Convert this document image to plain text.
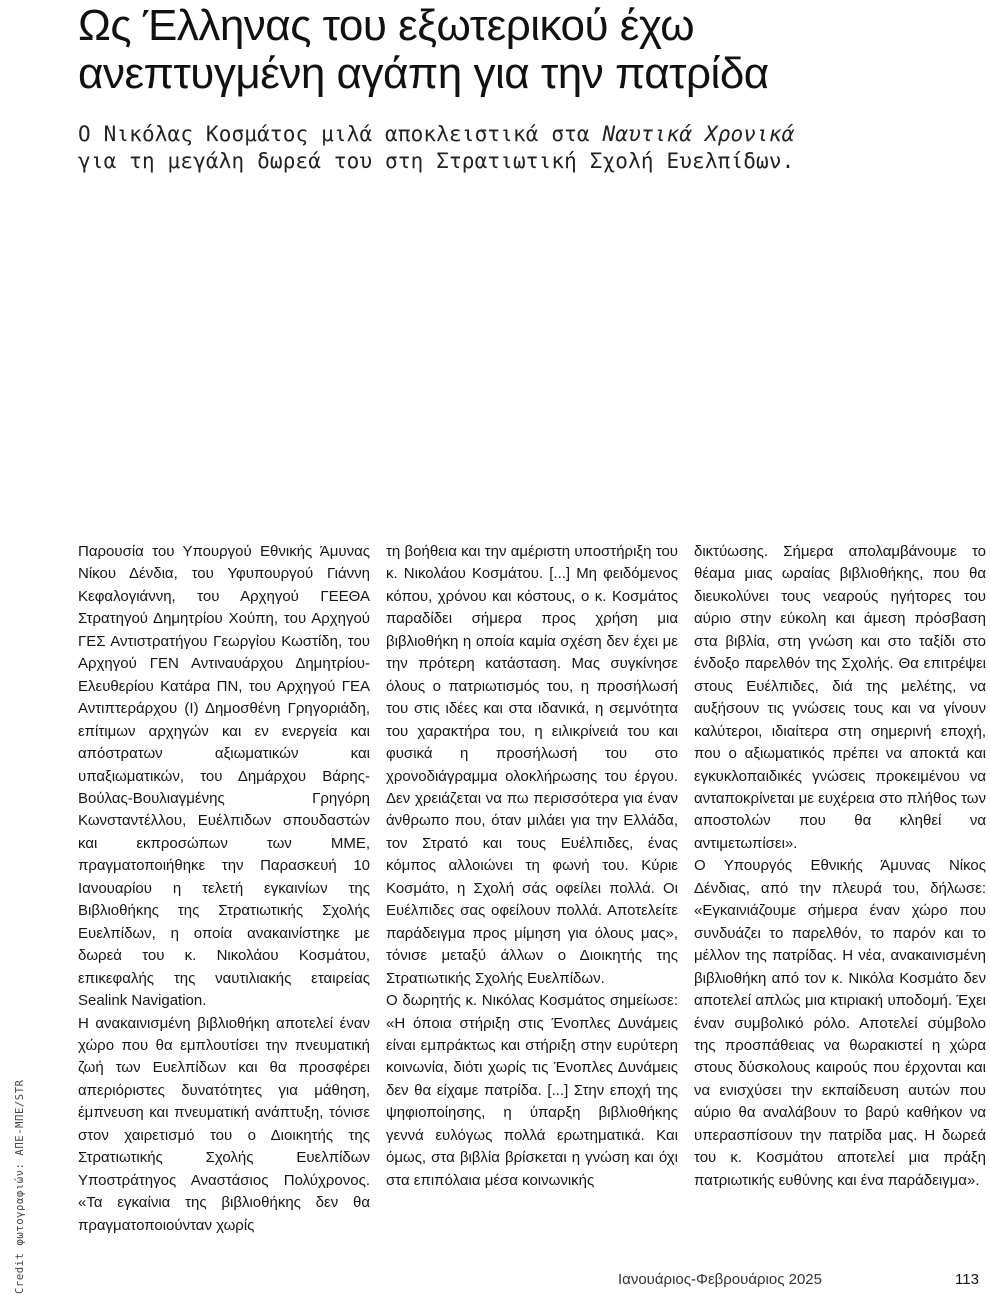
Ως Έλληνας του εξωτερικού έχω
ανεπτυγμένη αγάπη για την πατρίδα
Ο Νικόλας Κοσμάτος μιλά αποκλειστικά στα Ναυτικά Χρονικά
για τη μεγάλη δωρεά του στη Στρατιωτική Σχολή Ευελπίδων.

Παρουσία του Υπουργού Εθνικής Άμυνας Νίκου Δένδια, του Υφυπουργού Γιάννη Κεφαλογιάννη, του Αρχηγού ΓΕΕΘΑ Στρατηγού Δημητρίου Χούπη, του Αρχηγού ΓΕΣ Αντιστρατήγου Γεωργίου Κωστίδη, του Αρχηγού ΓΕΝ Αντιναυάρχου Δημητρίου-Ελευθερίου Κατάρα ΠΝ, του Αρχηγού ΓΕΑ Αντιπτεράρχου (Ι) Δημοσθένη Γρηγοριάδη, επίτιμων αρχηγών και εν ενεργεία και απόστρατων αξιωματικών και υπαξιωματικών, του Δημάρχου Βάρης-Βούλας-Βουλιαγμένης Γρηγόρη Κωνσταντέλλου, Ευέλπιδων σπουδαστών και εκπροσώπων των ΜΜΕ, πραγματοποιήθηκε την Παρασκευή 10 Ιανουαρίου η τελετή εγκαινίων της Βιβλιοθήκης της Στρατιωτικής Σχολής Ευελπίδων, η οποία ανακαινίστηκε με δωρεά του κ. Νικολάου Κοσμάτου, επικεφαλής της ναυτιλιακής εταιρείας Sealink Navigation.

Η ανακαινισμένη βιβλιοθήκη αποτελεί έναν χώρο που θα εμπλουτίσει την πνευματική ζωή των Ευελπίδων και θα προσφέρει απεριόριστες δυνατότητες για μάθηση, έμπνευση και πνευματική ανάπτυξη, τόνισε στον χαιρετισμό του ο Διοικητής της Στρατιωτικής Σχολής Ευελπίδων Υποστράτηγος Αναστάσιος Πολύχρονος. «Τα εγκαίνια της βιβλιοθήκης δεν θα πραγματοποιούνταν χωρίς

τη βοήθεια και την αμέριστη υποστήριξη του κ. Νικολάου Κοσμάτου. [...] Μη φειδόμενος κόπου, χρόνου και κόστους, ο κ. Κοσμάτος παραδίδει σήμερα προς χρήση μια βιβλιοθήκη η οποία καμία σχέση δεν έχει με την πρότερη κατάσταση. Μας συγκίνησε όλους ο πατριωτισμός του, η προσήλωσή του στις ιδέες και στα ιδανικά, η σεμνότητα του χαρακτήρα του, η ειλικρίνειά του και φυσικά η προσήλωσή του στο χρονοδιάγραμμα ολοκλήρωσης του έργου. Δεν χρειάζεται να πω περισσότερα για έναν άνθρωπο που, όταν μιλάει για την Ελλάδα, τον Στρατό και τους Ευέλπιδες, ένας κόμπος αλλοιώνει τη φωνή του. Κύριε Κοσμάτο, η Σχολή σάς οφείλει πολλά. Οι Ευέλπιδες σας οφείλουν πολλά. Αποτελείτε παράδειγμα προς μίμηση για όλους μας», τόνισε μεταξύ άλλων ο Διοικητής της Στρατιωτικής Σχολής Ευελπίδων.

Ο δωρητής κ. Νικόλας Κοσμάτος σημείωσε: «Η όποια στήριξη στις Ένοπλες Δυνάμεις είναι εμπράκτως και στήριξη στην ευρύτερη κοινωνία, διότι χωρίς τις Ένοπλες Δυνάμεις δεν θα είχαμε πατρίδα. [...] Στην εποχή της ψηφιοποίησης, η ύπαρξη βιβλιοθήκης γεννά ευλόγως πολλά ερωτηματικά. Και όμως, στα βιβλία βρίσκεται η γνώση και όχι στα επιπόλαια μέσα κοινωνικής

δικτύωσης. Σήμερα απολαμβάνουμε το θέαμα μιας ωραίας βιβλιοθήκης, που θα διευκολύνει τους νεαρούς ηγήτορες του αύριο στην εύκολη και άμεση πρόσβαση στα βιβλία, στη γνώση και στο ταξίδι στο ένδοξο παρελθόν της Σχολής. Θα επιτρέψει στους Ευέλπιδες, διά της μελέτης, να αυξήσουν τις γνώσεις τους και να γίνουν καλύτεροι, ιδιαίτερα στη σημερινή εποχή, που ο αξιωματικός πρέπει να αποκτά και εγκυκλοπαιδικές γνώσεις προκειμένου να ανταποκρίνεται με ευχέρεια στο πλήθος των αποστολών που θα κληθεί να αντιμετωπίσει».

Ο Υπουργός Εθνικής Άμυνας Νίκος Δένδιας, από την πλευρά του, δήλωσε: «Εγκαινιάζουμε σήμερα έναν χώρο που συνδυάζει το παρελθόν, το παρόν και το μέλλον της πατρίδας. Η νέα, ανακαινισμένη βιβλιοθήκη από τον κ. Νικόλα Κοσμάτο δεν αποτελεί απλώς μια κτιριακή υποδομή. Έχει έναν συμβολικό ρόλο. Αποτελεί σύμβολο της προσπάθειας να θωρακιστεί η χώρα στους δύσκολους καιρούς που έρχονται και να ενισχύσει την εκπαίδευση αυτών που αύριο θα αναλάβουν το βαρύ καθήκον να υπερασπίσουν την πατρίδα μας. Η δωρεά του κ. Κοσμάτου αποτελεί μια πράξη πατριωτικής ευθύνης και ένα παράδειγμα».

Credit φωτογραφιών: ΑΠΕ-ΜΠΕ/STR	Ιανουάριος-Φεβρουάριος 2025	113
